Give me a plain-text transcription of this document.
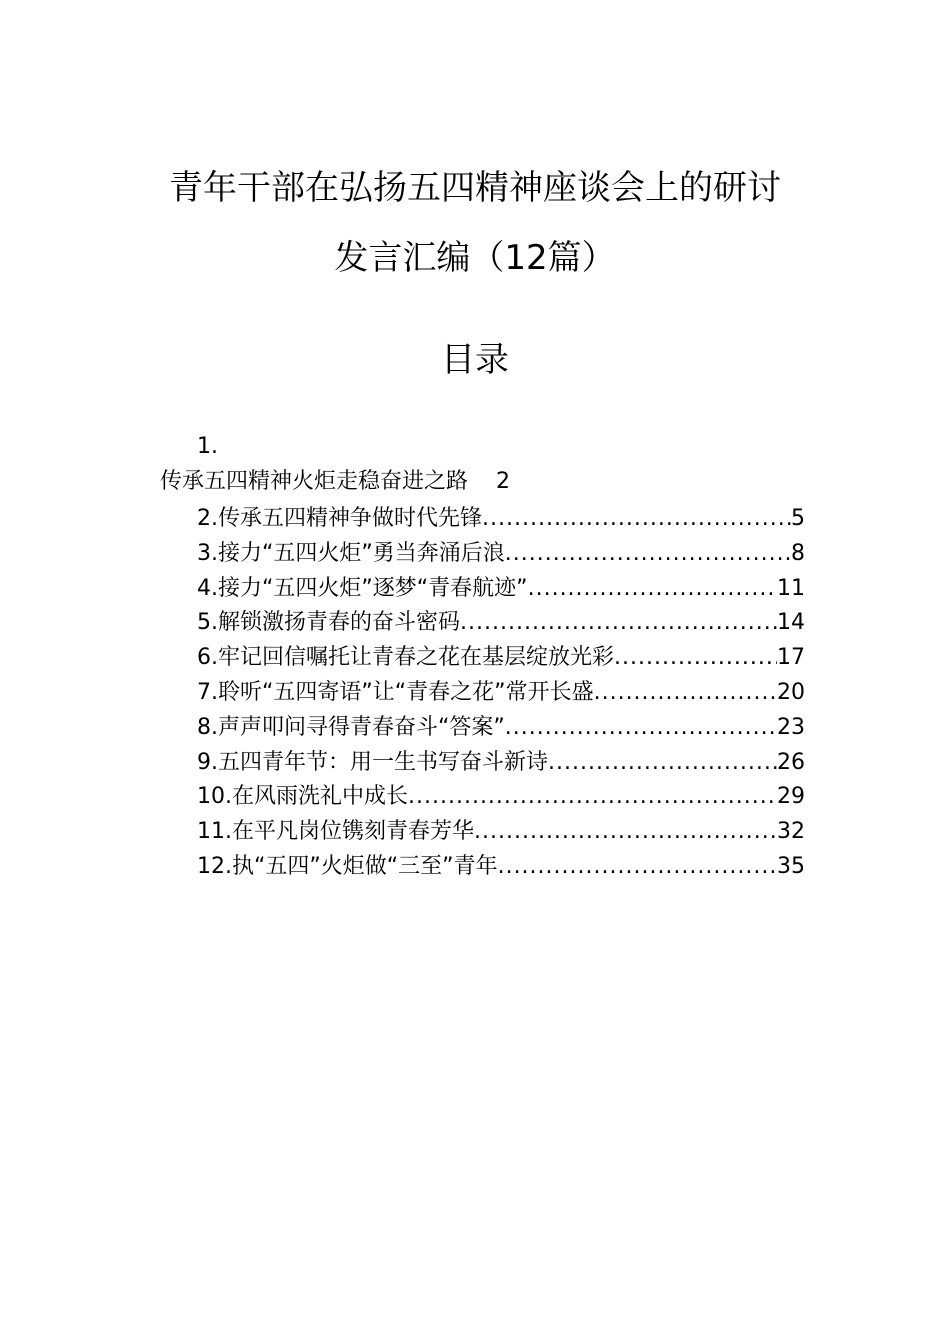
青年干部在弘扬五四精神座谈会上的研讨
发言汇编（12篇）
目录
1.
传承五四精神火炬走稳奋进之路 2
2.传承五四精神争做时代先锋 .....	5
3.接力“五四火炬”勇当奔涌后浪 .....	8
4.接力“五四火炬”逐梦“青春航迹” .....	11
5.解锁激扬青春的奋斗密码 .....	14
6.牢记回信嘱托让青春之花在基层绽放光彩 .....	17
7.聆听“五四寄语”让“青春之花”常开长盛 .....	20
8.声声叩问寻得青春奋斗“答案” .....	23
9.五四青年节：用一生书写奋斗新诗 .....	26
10.在风雨洗礼中成长 .....	29
11.在平凡岗位镌刻青春芳华 .....	32
12.执“五四”火炬做“三至”青年 .....	35
